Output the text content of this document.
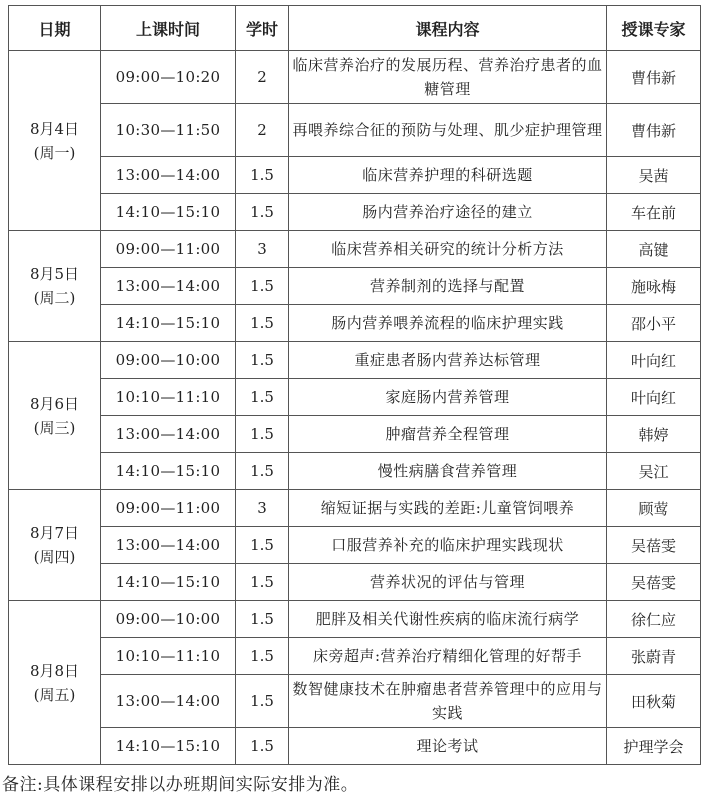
日期	上课时间	学时	课程内容	授课专家

8月4日
(周一)	09:00—10:20	2	临床营养治疗的发展历程、营养治疗患者的血糖管理	曹伟新
	10:30—11:50	2	再喂养综合征的预防与处理、肌少症护理管理	曹伟新
	13:00—14:00	1.5	临床营养护理的科研选题	吴茜
	14:10—15:10	1.5	肠内营养治疗途径的建立	车在前

8月5日
(周二)	09:00—11:00	3	临床营养相关研究的统计分析方法	高键
	13:00—14:00	1.5	营养制剂的选择与配置	施咏梅
	14:10—15:10	1.5	肠内营养喂养流程的临床护理实践	邵小平

8月6日
(周三)	09:00—10:00	1.5	重症患者肠内营养达标管理	叶向红
	10:10—11:10	1.5	家庭肠内营养管理	叶向红
	13:00—14:00	1.5	肿瘤营养全程管理	韩婷
	14:10—15:10	1.5	慢性病膳食营养管理	吴江

8月7日
(周四)	09:00—11:00	3	缩短证据与实践的差距:儿童管饲喂养	顾莺
	13:00—14:00	1.5	口服营养补充的临床护理实践现状	吴蓓雯
	14:10—15:10	1.5	营养状况的评估与管理	吴蓓雯

8月8日
(周五)	09:00—10:00	1.5	肥胖及相关代谢性疾病的临床流行病学	徐仁应
	10:10—11:10	1.5	床旁超声:营养治疗精细化管理的好帮手	张蔚青
	13:00—14:00	1.5	数智健康技术在肿瘤患者营养管理中的应用与实践	田秋菊
	14:10—15:10	1.5	理论考试	护理学会
备注:具体课程安排以办班期间实际安排为准。
